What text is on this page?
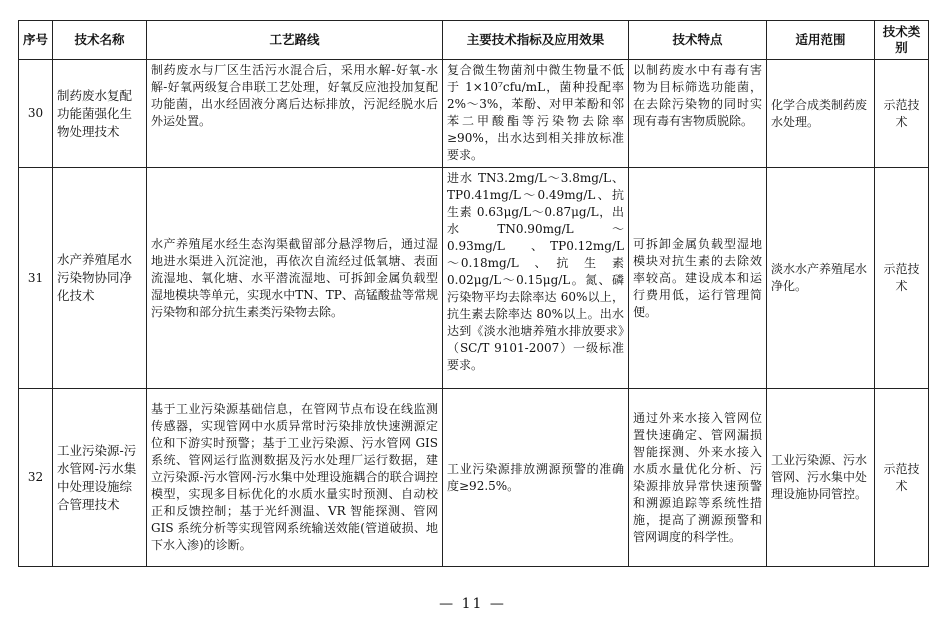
序号	技术名称	工艺路线	主要技术指标及应用效果	技术特点	适用范围	技术类别
30	制药废水复配功能菌强化生物处理技术	制药废水与厂区生活污水混合后，采用水解-好氧-水解-好氧两级复合串联工艺处理，好氧反应池投加复配功能菌，出水经固液分离后达标排放，污泥经脱水后外运处置。	复合微生物菌剂中微生物量不低于 1×10⁷cfu/mL，菌种投配率 2%～3%，苯酚、对甲苯酚和邻苯二甲酸酯等污染物去除率≥90%，出水达到相关排放标准要求。	以制药废水中有毒有害物为目标筛选功能菌，在去除污染物的同时实现有毒有害物质脱除。	化学合成类制药废水处理。	示范技术
31	水产养殖尾水污染物协同净化技术	水产养殖尾水经生态沟渠截留部分悬浮物后，通过湿地进水渠进入沉淀池，再依次自流经过低氧塘、表面流湿地、氧化塘、水平潜流湿地、可拆卸金属负载型湿地模块等单元，实现水中TN、TP、高锰酸盐等常规污染物和部分抗生素类污染物去除。	进水 TN3.2mg/L～3.8mg/L、TP0.41mg/L～0.49mg/L、抗生素 0.63μg/L～0.87μg/L，出　水　TN0.90mg/L　～0.93mg/L　、TP0.12mg/L　～0.18mg/L　、　抗　生　素0.02μg/L～0.15μg/L。氮、磷污染物平均去除率达 60%以上，抗生素去除率达 80%以上。出水达到《淡水池塘养殖水排放要求》（SC/T 9101-2007）一级标准要求。	可拆卸金属负载型湿地模块对抗生素的去除效率较高。建设成本和运行费用低，运行管理简便。	淡水水产养殖尾水净化。	示范技术
32	工业污染源-污水管网-污水集中处理设施综合管理技术	基于工业污染源基础信息，在管网节点布设在线监测传感器，实现管网中水质异常时污染排放快速溯源定位和下游实时预警；基于工业污染源、污水管网 GIS 系统、管网运行监测数据及污水处理厂运行数据，建立污染源-污水管网-污水集中处理设施耦合的联合调控模型，实现多目标优化的水质水量实时预测、自动校正和反馈控制；基于光纤测温、VR 智能探测、管网 GIS 系统分析等实现管网系统输送效能(管道破损、地下水入渗)的诊断。	工业污染源排放溯源预警的准确度≥92.5%。	通过外来水接入管网位置快速确定、管网漏损智能探测、外来水接入水质水量优化分析、污染源排放异常快速预警和溯源追踪等系统性措施，提高了溯源预警和管网调度的科学性。	工业污染源、污水管网、污水集中处理设施协同管控。	示范技术
— 11 —
